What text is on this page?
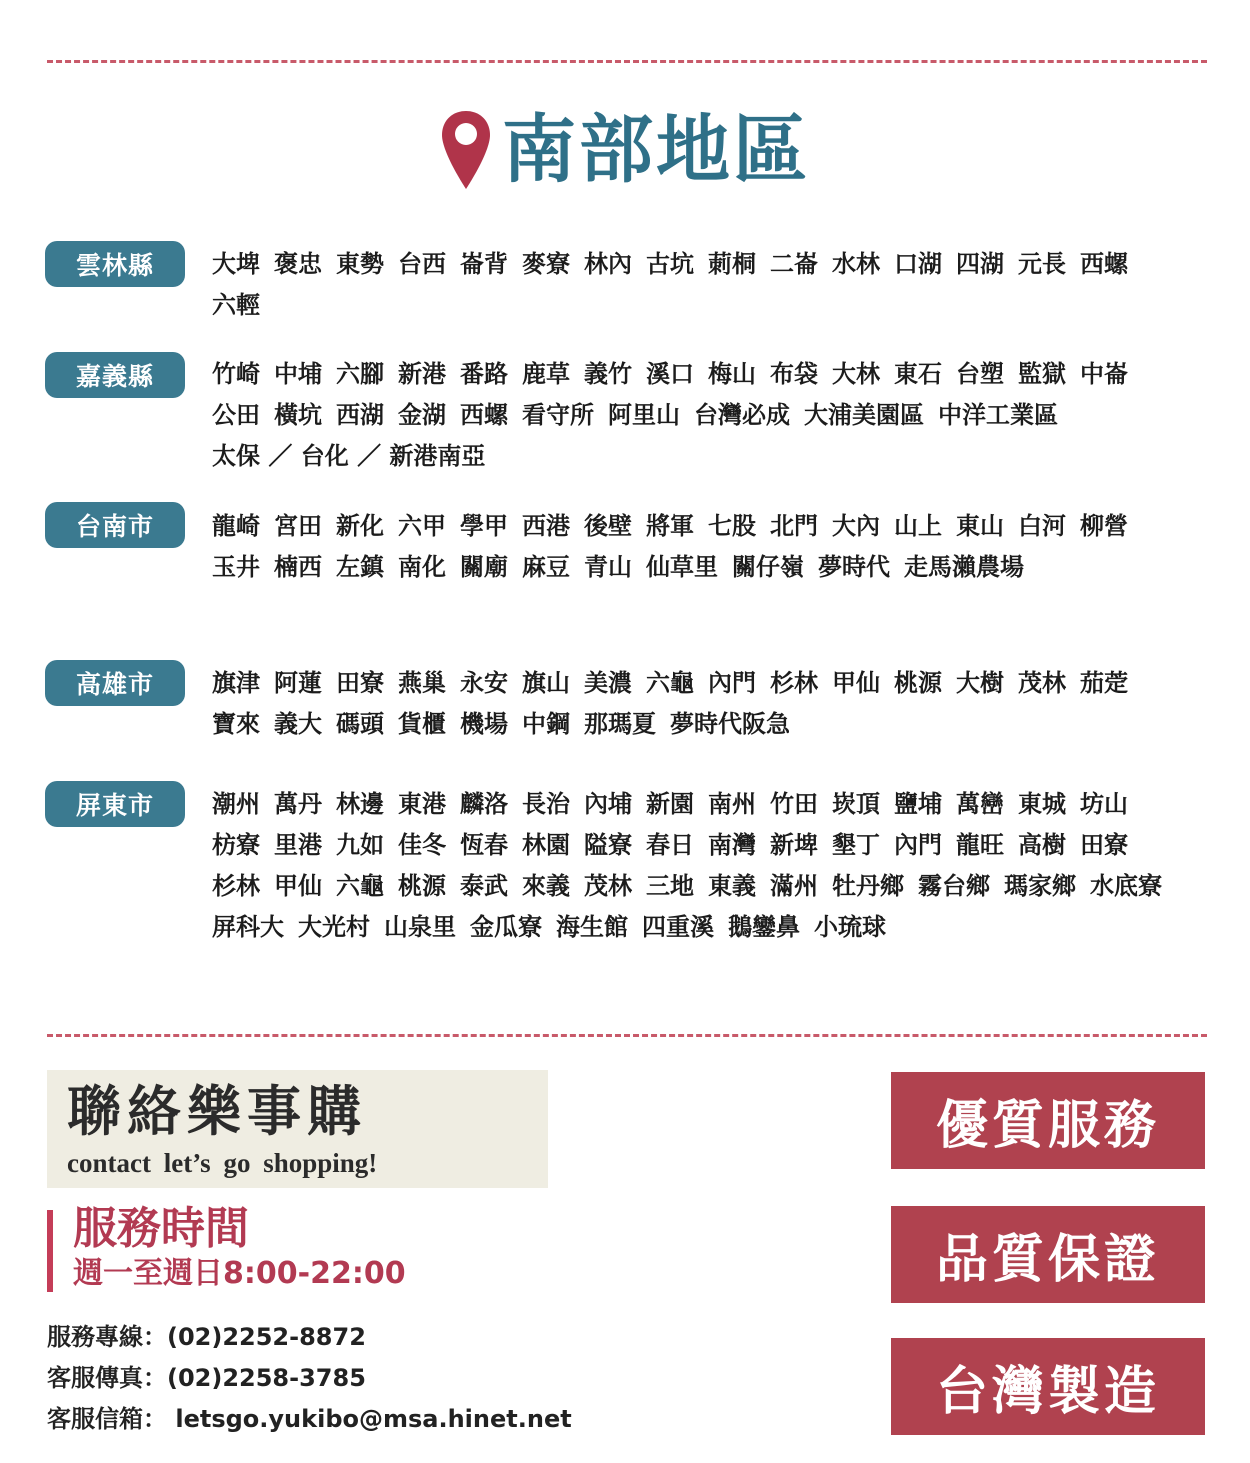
南部地區
雲林縣	大埤 褒忠 東勢 台西 崙背 麥寮 林內 古坑 莿桐 二崙 水林 口湖 四湖 元長 西螺六輕
嘉義縣	竹崎 中埔 六腳 新港 番路 鹿草 義竹 溪口 梅山 布袋 大林 東石 台塑 監獄 中崙公田 橫坑 西湖 金湖 西螺 看守所 阿里山 台灣必成 大浦美園區 中洋工業區太保 ／ 台化 ／ 新港南亞
台南市	龍崎 宮田 新化 六甲 學甲 西港 後壁 將軍 七股 北門 大內 山上 東山 白河 柳營玉井 楠西 左鎮 南化 關廟 麻豆 青山 仙草里 關仔嶺 夢時代 走馬瀨農場
高雄市	旗津 阿蓮 田寮 燕巢 永安 旗山 美濃 六龜 內門 杉林 甲仙 桃源 大樹 茂林 茄萣寶來 義大 碼頭 貨櫃 機場 中鋼 那瑪夏 夢時代阪急
屏東市	潮州 萬丹 林邊 東港 麟洛 長治 內埔 新園 南州 竹田 崁頂 鹽埔 萬巒 東城 坊山枋寮 里港 九如 佳冬 恆春 林園 隘寮 春日 南灣 新埤 墾丁 內門 龍旺 高樹 田寮杉林 甲仙 六龜 桃源 泰武 來義 茂林 三地 東義 滿州 牡丹鄉 霧台鄉 瑪家鄉 水底寮屏科大 大光村 山泉里 金瓜寮 海生館 四重溪 鵝鑾鼻 小琉球
聯絡樂事購
contact let’s go shopping!
服務時間
週一至週日8:00-22:00
服務專線：(02)2252-8872
客服傳真：(02)2258-3785
客服信箱： letsgo.yukibo@msa.hinet.net
優質服務
品質保證
台灣製造
